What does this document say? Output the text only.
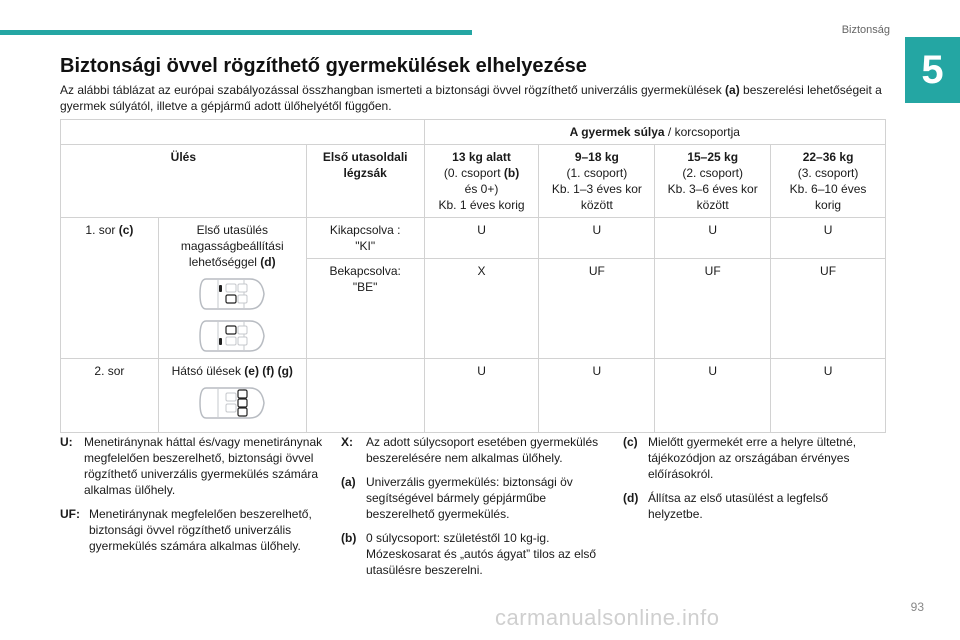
Biztonság
5
Biztonsági övvel rögzíthető gyermekülések elhelyezése
Az alábbi táblázat az európai szabályozással összhangban ismerteti a biztonsági övvel rögzíthető univerzális gyermekülések (a) beszerelési lehetőségeit a gyermek súlyától, illetve a gépjármű adott ülőhelyétől függően.
			A gyermek súlya / korcsoportja			
Ülés		Első utasoldali légzsák	13 kg alatt
(0. csoport (b)
és 0+)
Kb. 1 éves korig	9–18 kg
(1. csoport)
Kb. 1–3 éves kor
között	15–25 kg
(2. csoport)
Kb. 3–6 éves kor
között	22–36 kg
(3. csoport)
Kb. 6–10 éves
korig
1. sor (c)	Első utasülés magasságbeállítási lehetőséggel (d)	Kikapcsolva :
"KI"	U	U	U	U
		Bekapcsolva:
"BE"	X	UF	UF	UF
2. sor	Hátsó ülések (e) (f) (g)		U	U	U	U
U: Menetiránynak háttal és/vagy menetiránynak megfelelően beszerelhető, biztonsági övvel rögzíthető univerzális gyermekülés számára alkalmas ülőhely.
UF: Menetiránynak megfelelően beszerelhető, biztonsági övvel rögzíthető univerzális gyermekülés számára alkalmas ülőhely.
X:	Az adott súlycsoport esetében gyermekülés beszerelésére nem alkalmas ülőhely.
(a) Univerzális gyermekülés: biztonsági öv segítségével bármely gépjárműbe beszerelhető gyermekülés.
(b) 0 súlycsoport: születéstől 10 kg-ig. Mózeskosarat és „autós ágyat” tilos az első utasülésre beszerelni.
(c) Mielőtt gyermekét erre a helyre ültetné, tájékozódjon az országában érvényes előírásokról.
(d) Állítsa az első utasülést a legfelső helyzetbe.
93
carmanualsonline.info
